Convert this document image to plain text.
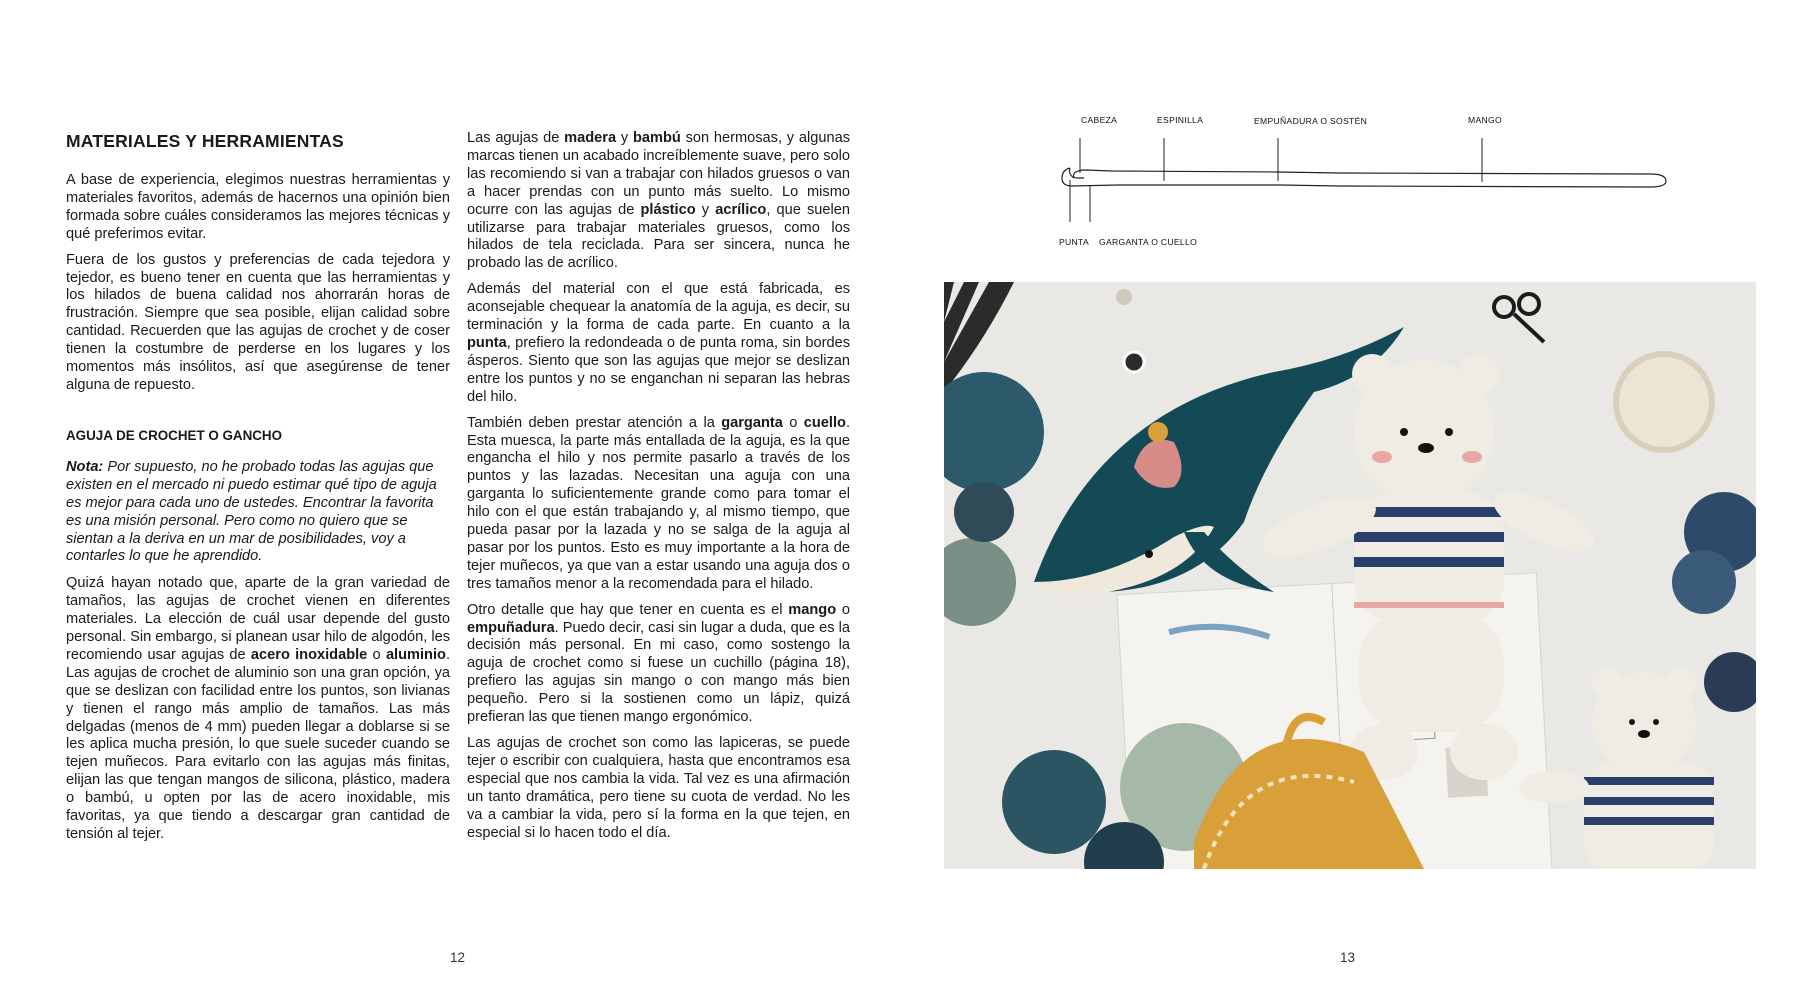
MATERIALES Y HERRAMIENTAS

A base de experiencia, elegimos nuestras herramientas y materiales favoritos, además de hacernos una opinión bien formada sobre cuáles consideramos las mejores técnicas y qué preferimos evitar.

Fuera de los gustos y preferencias de cada tejedora y tejedor, es bueno tener en cuenta que las herramientas y los hilados de buena calidad nos ahorrarán horas de frustración. Siempre que sea posible, elijan calidad sobre cantidad. Recuerden que las agujas de crochet y de coser tienen la costumbre de perderse en los lugares y los momentos más insólitos, así que asegúrense de tener alguna de repuesto.

AGUJA DE CROCHET O GANCHO

Nota: Por supuesto, no he probado todas las agujas que existen en el mercado ni puedo estimar qué tipo de aguja es mejor para cada uno de ustedes. Encontrar la favorita es una misión personal. Pero como no quiero que se sientan a la deriva en un mar de posibilidades, voy a contarles lo que he aprendido.

Quizá hayan notado que, aparte de la gran variedad de tamaños, las agujas de crochet vienen en diferentes materiales. La elección de cuál usar depende del gusto personal. Sin embargo, si planean usar hilo de algodón, les recomiendo usar agujas de acero inoxidable o aluminio. Las agujas de crochet de aluminio son una gran opción, ya que se deslizan con facilidad entre los puntos, son livianas y tienen el rango más amplio de tamaños. Las más delgadas (menos de 4 mm) pueden llegar a doblarse si se les aplica mucha presión, lo que suele suceder cuando se tejen muñecos. Para evitarlo con las agujas más finitas, elijan las que tengan mangos de silicona, plástico, madera o bambú, u opten por las de acero inoxidable, mis favoritas, ya que tiendo a descargar gran cantidad de tensión al tejer.

Las agujas de madera y bambú son hermosas, y algunas marcas tienen un acabado increíblemente suave, pero solo las recomiendo si van a trabajar con hilados gruesos o van a hacer prendas con un punto más suelto. Lo mismo ocurre con las agujas de plástico y acrílico, que suelen utilizarse para trabajar materiales gruesos, como los hilados de tela reciclada. Para ser sincera, nunca he probado las de acrílico.

Además del material con el que está fabricada, es aconsejable chequear la anatomía de la aguja, es decir, su terminación y la forma de cada parte. En cuanto a la punta, prefiero la redondeada o de punta roma, sin bordes ásperos. Siento que son las agujas que mejor se deslizan entre los puntos y no se enganchan ni separan las hebras del hilo.

También deben prestar atención a la garganta o cuello. Esta muesca, la parte más entallada de la aguja, es la que engancha el hilo y nos permite pasarlo a través de los puntos y las lazadas. Necesitan una aguja con una garganta lo suficientemente grande como para tomar el hilo con el que están trabajando y, al mismo tiempo, que pueda pasar por la lazada y no se salga de la aguja al pasar por los puntos. Esto es muy importante a la hora de tejer muñecos, ya que van a estar usando una aguja dos o tres tamaños menor a la recomendada para el hilado.

Otro detalle que hay que tener en cuenta es el mango o empuñadura. Puedo decir, casi sin lugar a duda, que es la decisión más personal. En mi caso, como sostengo la aguja de crochet como si fuese un cuchillo (página 18), prefiero las agujas sin mango o con mango más bien pequeño. Pero si la sostienen como un lápiz, quizá prefieran las que tienen mango ergonómico.

Las agujas de crochet son como las lapiceras, se puede tejer o escribir con cualquiera, hasta que encontramos esa especial que nos cambia la vida. Tal vez es una afirmación un tanto dramática, pero tiene su cuota de verdad. No les va a cambiar la vida, pero sí la forma en la que tejen, en especial si lo hacen todo el día.

12	13
CABEZA	ESPINILLA	EMPUÑADURA O SOSTÉN	MANGO
PUNTA GARGANTA O CUELLO
